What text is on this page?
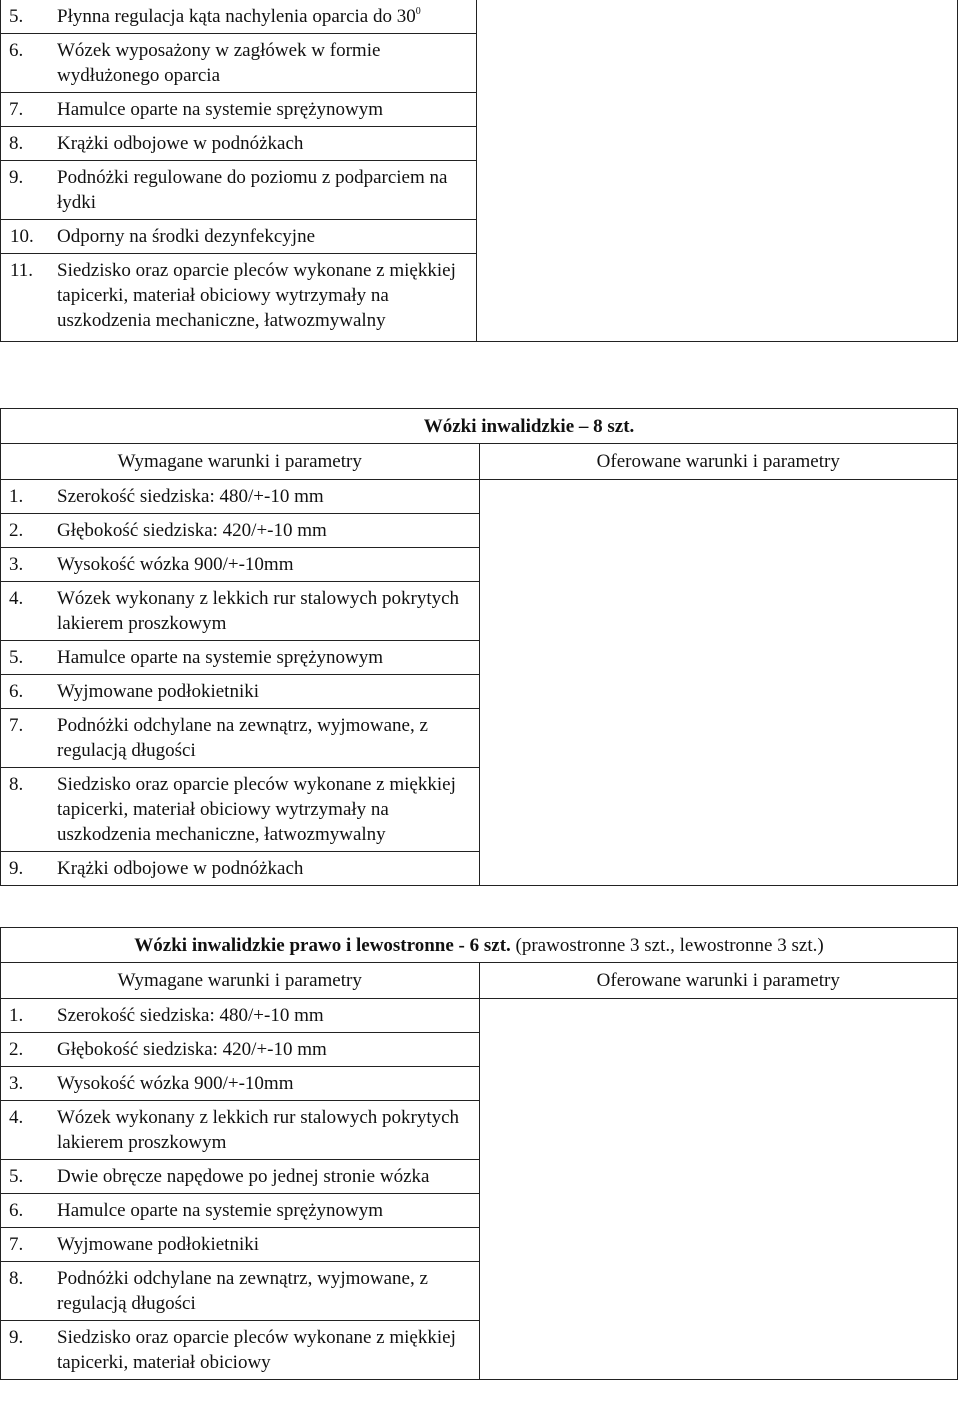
5. Płynna regulacja kąta nachylenia oparcia do $30^0$

6. Wózek wyposażony w zagłówek w formie wydłużonego oparcia

7. Hamulce oparte na systemie sprężynowym

8. Krążki odbojowe w podnóżkach

9. Podnóżki regulowane do poziomu z podparciem na łydki

10. Odporny na środki dezynfekcyjne

11. Siedzisko oraz oparcie pleców wykonane z miękkiej tapicerki, materiał obiciowy wytrzymały na uszkodzenia mechaniczne, łatwozmywalny
Wózki inwalidzkie – 8 szt.	
Wymagane warunki i parametry	Oferowane warunki i parametry

1. Szerokość siedziska: 480/+-10 mm	

2. Głębokość siedziska: 420/+-10 mm	

3. Wysokość wózka 900/+-10mm	

4. Wózek wykonany z lekkich rur stalowych pokrytych lakierem proszkowym	

5. Hamulce oparte na systemie sprężynowym	

6. Wyjmowane podłokietniki	

7. Podnóżki odchylane na zewnątrz, wyjmowane, z regulacją długości	

8. Siedzisko oraz oparcie pleców wykonane z miękkiej tapicerki, materiał obiciowy wytrzymały na uszkodzenia mechaniczne, łatwozmywalny	

9. Krążki odbojowe w podnóżkach	
Wózki inwalidzkie prawo i lewostronne - 6 szt. (prawostronne 3 szt., lewostronne 3 szt.)	
Wymagane warunki i parametry	Oferowane warunki i parametry

1. Szerokość siedziska: 480/+-10 mm	

2. Głębokość siedziska: 420/+-10 mm	

3. Wysokość wózka 900/+-10mm	

4. Wózek wykonany z lekkich rur stalowych pokrytych lakierem proszkowym	

5. Dwie obręcze napędowe po jednej stronie wózka	

6. Hamulce oparte na systemie sprężynowym	

7. Wyjmowane podłokietniki	

8. Podnóżki odchylane na zewnątrz, wyjmowane, z regulacją długości	

9. Siedzisko oraz oparcie pleców wykonane z miękkiej tapicerki, materiał obiciowy	
